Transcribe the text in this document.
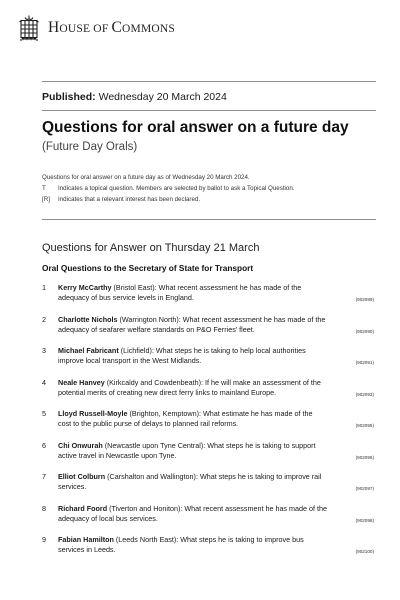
HOUSE OF COMMONS
Published: Wednesday 20 March 2024
Questions for oral answer on a future day
(Future Day Orals)
Questions for oral answer on a future day as of Wednesday 20 March 2024.
T	Indicates a topical question. Members are selected by ballot to ask a Topical Question.
[R]	Indicates that a relevant interest has been declared.
Questions for Answer on Thursday 21 March
Oral Questions to the Secretary of State for Transport
1	Kerry McCarthy (Bristol East): What recent assessment he has made of the
adequacy of bus service levels in England.	(902089)
2	Charlotte Nichols (Warrington North): What recent assessment he has made of the
adequacy of seafarer welfare standards on P&O Ferries' fleet.	(902090)
3	Michael Fabricant (Lichfield): What steps he is taking to help local authorities
improve local transport in the West Midlands.	(902091)
4	Neale Hanvey (Kirkcaldy and Cowdenbeath): If he will make an assessment of the
potential merits of creating new direct ferry links to mainland Europe.	(902093)
5	Lloyd Russell-Moyle (Brighton, Kemptown): What estimate he has made of the
cost to the public purse of delays to planned rail reforms.	(902095)
6	Chi Onwurah (Newcastle upon Tyne Central): What steps he is taking to support
active travel in Newcastle upon Tyne.	(902096)
7	Elliot Colburn (Carshalton and Wallington): What steps he is taking to improve rail
services.	(902097)
8	Richard Foord (Tiverton and Honiton): What recent assessment he has made of the
adequacy of local bus services.	(902098)
9	Fabian Hamilton (Leeds North East): What steps he is taking to improve bus
services in Leeds.	(902100)
